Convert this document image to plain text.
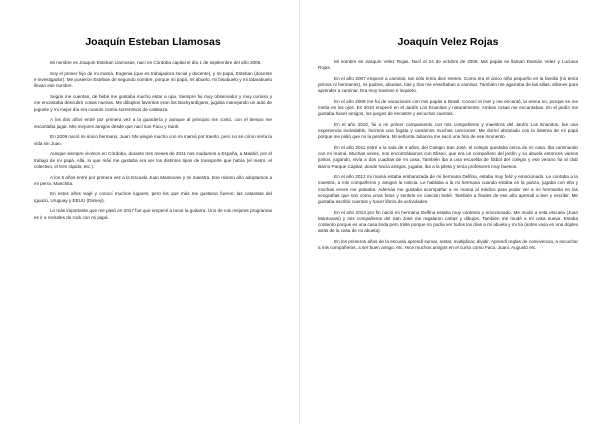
Joaquín Esteban Llamosas

Mi nombre es Joaquín Esteban Llamosas, nací en Córdoba capital el día 1 de septiembre del año 2006.

Soy el primer hijo de mi mamá, Eugenia (que es trabajadora social y docente), y mi papá, Esteban (docente e investigador). Me pusieron Esteban de segundo nombre, porque mi papá, mi abuelo, mi bisabuelo y mi tatarabuelo llevan ese nombre.

Según me cuentan, de bebé me gustaba mucho estar a upa. Siempre fui muy observador y muy curioso y me encantaba descubrir cosas nuevas. Me dibujitos favoritos eran los Backyardigans, jugaba manejando un auto de juguete y mi mejor día era cuando comía sorrentinos de calabaza.

A los dos años entré por primera vez a la guardería y aunque al principio me costó, con el tiempo me encantaba jugar. Mis mejores amigos desde que nací son Facu y Santi.

En 2009 nació mi único hermano, Juan. Me alegré mucho con mi mamá por traerlo, pero no sé cómo sería la vida sin Juan.

Aunque siempre vivimos en Córdoba, durante tres meses de 2011 nos mudamos a España, a Madrid, por el trabajo de mi papá. Allá, lo que más me gustaba era ver los distintos tipos de transporte que había (el metro, el colectivo, el tren rápido, etc.).

A los 5 años entré por primera vez a la Escuela Juan Mantovani y mi maestra. Ese mismo año adoptamos a mi perra, Manchita.

En estos años viajé y conocí muchos lugares, pero los que más me gustaron fueron: las cataratas del Iguazú, Uruguay y EEUU (Disney).

Lo más importante que me pasó en 2017 fue que empecé a tocar la guitarra. Uno de mis mejores programas es ir a recitales de rock con mi papá.

Joaquín Velez Rojas

Mi nombre es Joaquín Velez Rojas. Nací el 24 de octubre de 2006. Mis papás se llaman Damián Velez y Luciana Rojas.

En el año 2007 empecé a caminar, tan sólo tenía diez meses. Como era el único niño pequeño en la familia (no tenía primos ni hermanos), mi padres, abuelas, tías y tíos me enseñaban a caminar. También me agarraba de las sillas, sillones para aprender a caminar. Era muy travieso e inquieto.

En el año 2009 me fui de vacaciones con mis papás a Brasil. Conocí el mar y me encantó, la arena no, porque se me metía en los ojos. En 2010 empecé en el Jardín Los Enanitos y naturalmente. Ambas cosas me encantaban. En el jardín me gustaba hacer amigos, los juegos de encastre y escuchar cuentos.

En el año 2010, fui a mi primer campamento con mis compañeros y maestros del Jardín Los Enanitos, fue una experiencia inolvidable, hicimos una fogata y cantamos muchas canciones. Me dormí abrazado con la linterna de mi papá porque me pidió que no la perdiera. Mi señorita Julianna me sacó una foto de ese momento.

En el año 2011 entré a la sala de 4 años, del Colegio San José, el colegio quedaba cerca de mi casa. Iba caminando con mi mamá. Muchas veces, nos encontrábamos con Eliseo, que era un compañero del jardín y su abuela entonces vamos juntos, jugando, vivía a dos cuadras de mi casa. También iba a una escuelita de fútbol del colegio y ese verano fui al club Barrio Parque Capital, donde hacía amigos, jugaba, iba a la pileta y tenía profesores muy buenos.

En el año 2012 mi mamá estaba embarazada de mi hermana Delfina, estaba muy feliz y emocionado. Le contaba a la maestra, a mis compañeros y amigos la noticia. Le hablaba a la mi hermana cuando estaba en la panza, jugaba con ella y muchas veces me pateaba. Además me gustaba acompañar a mi mamá al médico para poder ver a mi hermanita en las ecografías que son como unas fotos y sentirle en canción bebé. También a finales de ese año aprendí a leer y escribir. Me gustaba escribir cuentos y hacer libros de actividades.

En el año 2013 por fin nació mi hermana Delfina estaba muy contento y emocionado. Me mudé a esta escuela (Juan Mantovani) y mis compañeros del San José me regalaron cartas y dibujos. También me mudé a mi casa nueva. Estaba contento porque es una casa linda pero triste porque no podía ver todos los días a mi abuela y mi tía (antes vivía en una dúplex atrás de la casa de mi abuela).

En los primeros años de la escuela aprendí sumar, restar, multiplicar, dividir. Aprendí reglas de convivencia, a escuchar a mis compañeros, a ser buen amigo, etc. Hice muchos amigos en el curso como Facu, Juani, Augusto etc.
